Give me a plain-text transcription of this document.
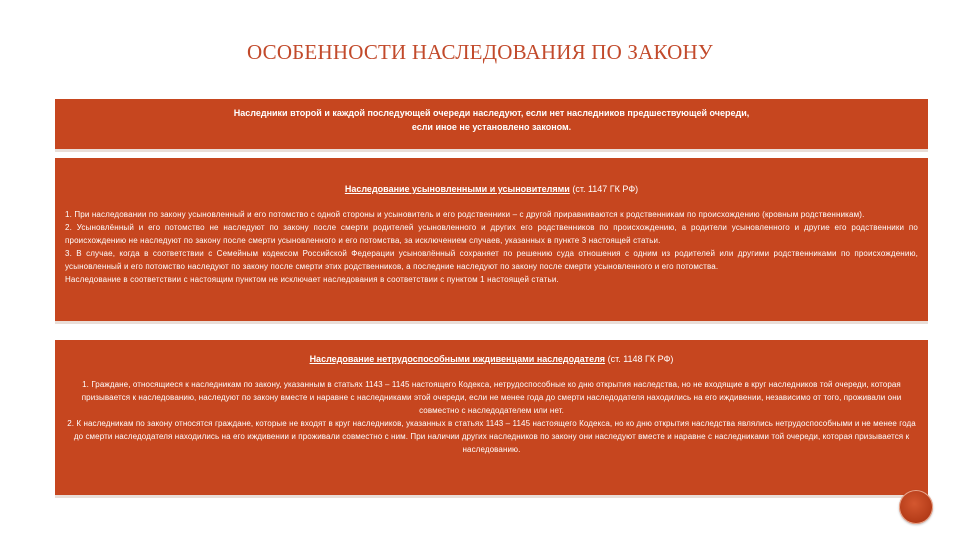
ОСОБЕННОСТИ НАСЛЕДОВАНИЯ ПО ЗАКОНУ
Наследники второй и каждой последующей очереди наследуют, если нет наследников предшествующей очереди,
если иное не установлено законом.
Наследование усыновленными и усыновителями (ст. 1147 ГК РФ)
1. При наследовании по закону усыновленный и его потомство с одной стороны и усыновитель и его родственники – с другой приравниваются к родственникам по происхождению (кровным родственникам).
2. Усыновлённый и его потомство не наследуют по закону после смерти родителей усыновленного и других его родственников по происхождению, а родители усыновленного и другие его родственники по происхождению не наследуют по закону после смерти усыновленного и его потомства, за исключением случаев, указанных в пункте 3 настоящей статьи.
3. В случае, когда в соответствии с Семейным кодексом Российской Федерации усыновлённый сохраняет по решению суда отношения с одним из родителей или другими родственниками по происхождению, усыновленный и его потомство наследуют по закону после смерти этих родственников, а последние наследуют по закону после смерти усыновленного и его потомства.
Наследование в соответствии с настоящим пунктом не исключает наследования в соответствии с пунктом 1 настоящей статьи.
Наследование нетрудоспособными иждивенцами наследодателя (ст. 1148 ГК РФ)
1. Граждане, относящиеся к наследникам по закону, указанным в статьях 1143 – 1145 настоящего Кодекса, нетрудоспособные ко дню открытия наследства, но не входящие в круг наследников той очереди, которая призывается к наследованию, наследуют по закону вместе и наравне с наследниками этой очереди, если не менее года до смерти наследодателя находились на его иждивении, независимо от того, проживали они совместно с наследодателем или нет.
2. К наследникам по закону относятся граждане, которые не входят в круг наследников, указанных в статьях 1143 – 1145 настоящего Кодекса, но ко дню открытия наследства являлись нетрудоспособными и не менее года до смерти наследодателя находились на его иждивении и проживали совместно с ним. При наличии других наследников по закону они наследуют вместе и наравне с наследниками той очереди, которая призывается к наследованию.
